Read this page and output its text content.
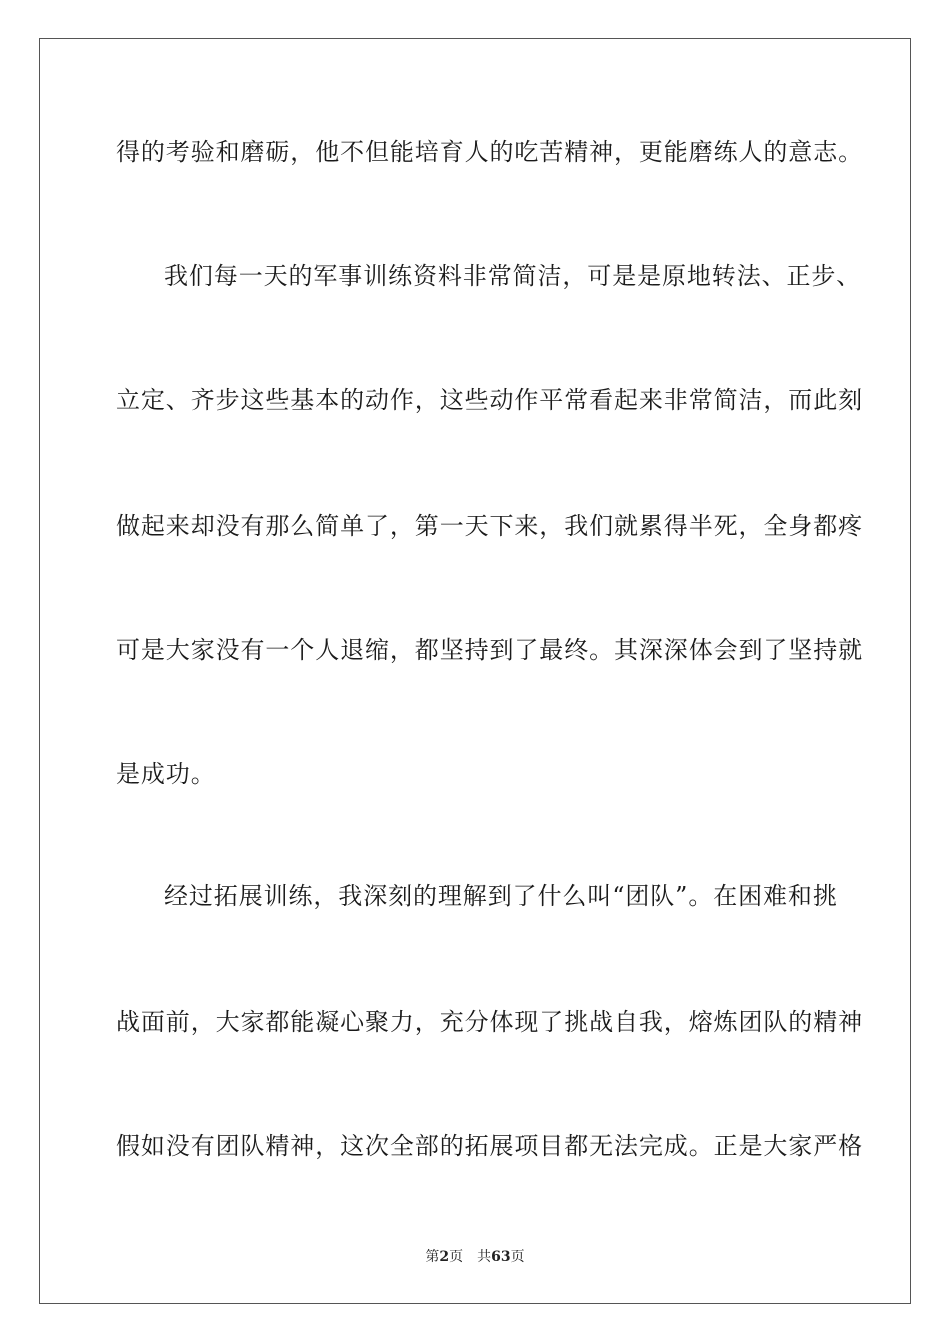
得的考验和磨砺，他不但能培育人的吃苦精神，更能磨练人的意志。
我们每一天的军事训练资料非常简洁，可是是原地转法、正步、
立定、齐步这些基本的动作，这些动作平常看起来非常简洁，而此刻
做起来却没有那么简单了，第一天下来，我们就累得半死，全身都疼
可是大家没有一个人退缩，都坚持到了最终。其深深体会到了坚持就
是成功。
经过拓展训练，我深刻的理解到了什么叫“团队”。在困难和挑
战面前，大家都能凝心聚力，充分体现了挑战自我，熔炼团队的精神
假如没有团队精神，这次全部的拓展项目都无法完成。正是大家严格
第2页 共63页
